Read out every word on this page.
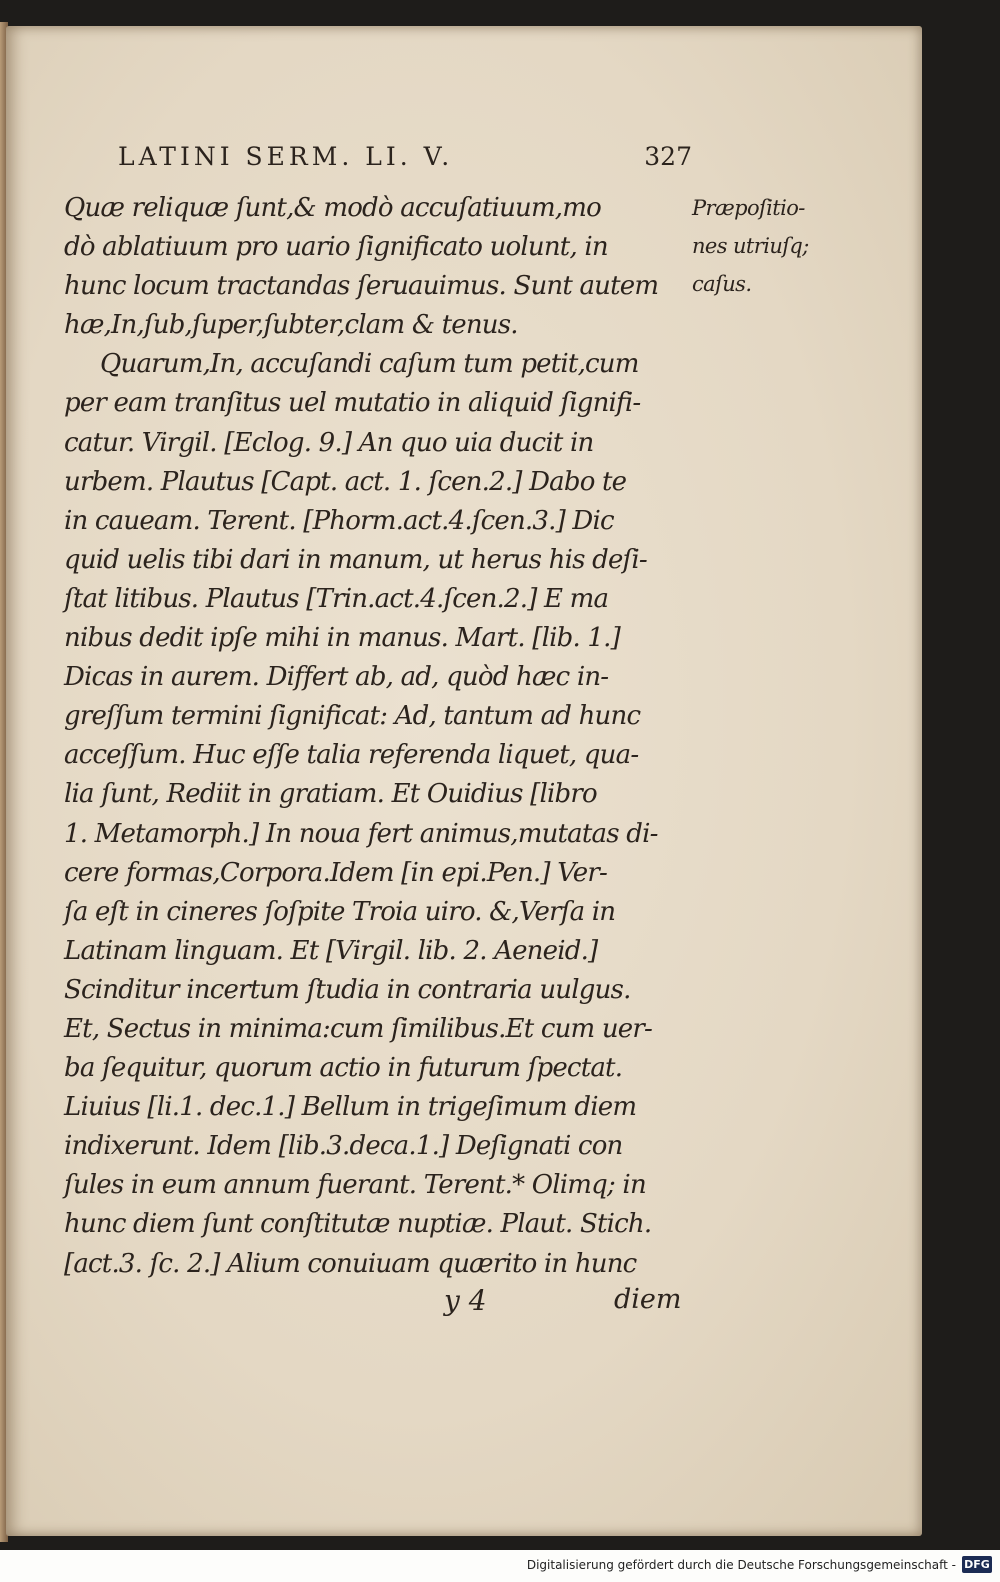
LATINI SERM. LI. V.	327
Quæ reliquæ ſunt,& modò accuſatiuum,mo
dò ablatiuum pro uario ſignificato uolunt, in
hunc locum tractandas ſeruauimus. Sunt autem
hæ,In,ſub,ſuper,ſubter,clam & tenus.
Quarum,In, accuſandi caſum tum petit,cum
per eam tranſitus uel mutatio in aliquid ſignifi-
catur. Virgil. [Eclog. 9.] An quo uia ducit in
urbem. Plautus [Capt. act. 1. ſcen.2.] Dabo te
in caueam. Terent. [Phorm.act.4.ſcen.3.] Dic
quid uelis tibi dari in manum, ut herus his deſi-
ſtat litibus. Plautus [Trin.act.4.ſcen.2.] E ma
nibus dedit ipſe mihi in manus. Mart. [lib. 1.]
Dicas in aurem. Differt ab, ad, quòd hæc in-
greſſum termini ſignificat: Ad, tantum ad hunc
acceſſum. Huc eſſe talia referenda liquet, qua-
lia ſunt, Rediit in gratiam. Et Ouidius [libro
1. Metamorph.] In noua fert animus,mutatas di-
cere formas,Corpora.Idem [in epi.Pen.] Ver-
ſa eſt in cineres ſoſpite Troia uiro. &,Verſa in
Latinam linguam. Et [Virgil. lib. 2. Aeneid.]
Scinditur incertum ſtudia in contraria uulgus.
Et, Sectus in minima:cum ſimilibus.Et cum uer-
ba ſequitur, quorum actio in futurum ſpectat.
Liuius [li.1. dec.1.] Bellum in trigeſimum diem
indixerunt. Idem [lib.3.deca.1.] Deſignati con
ſules in eum annum fuerant. Terent.* Olimq; in
hunc diem ſunt conſtitutæ nuptiæ. Plaut. Stich.
[act.3. ſc. 2.] Alium conuiuam quærito in hunc
Præpoſitio-
nes utriuſq;
caſus.
y 4	diem
Digitalisierung gefördert durch die Deutsche Forschungsgemeinschaft - DFG
